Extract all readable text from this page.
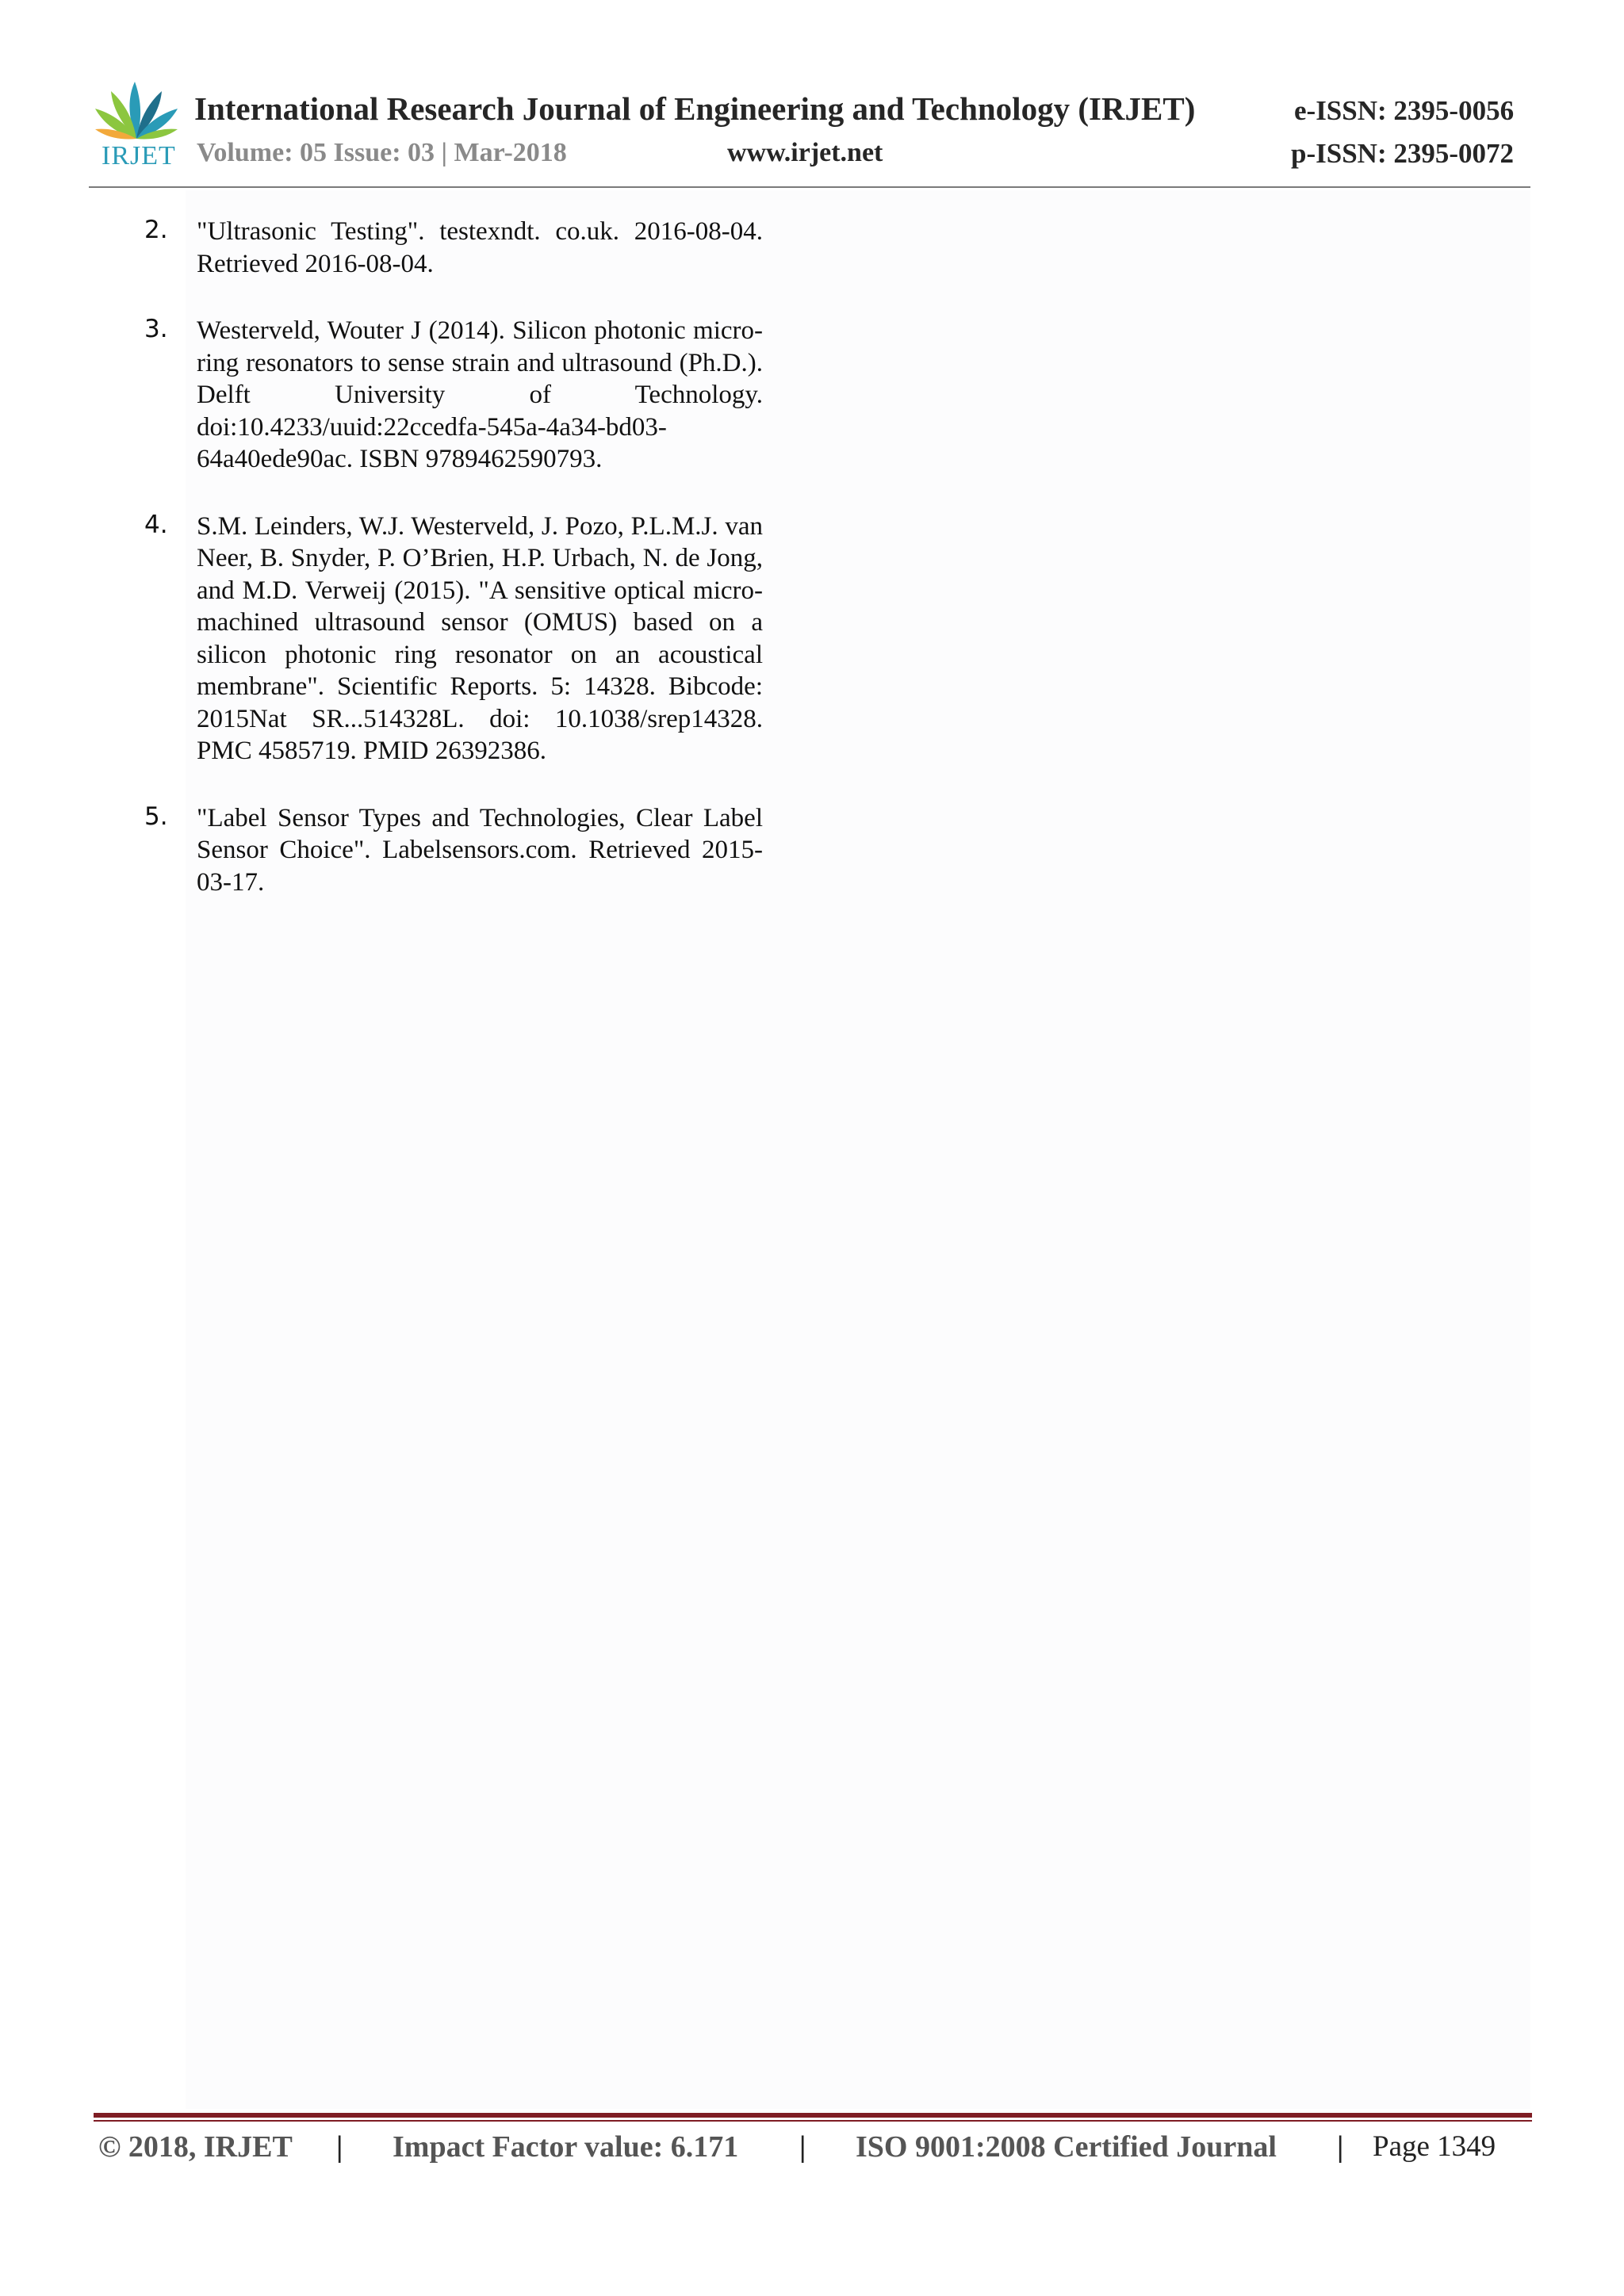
IRJET
International Research Journal of Engineering and Technology (IRJET)	e-ISSN: 2395-0056
Volume: 05 Issue: 03 | Mar-2018	www.irjet.net	p-ISSN: 2395-0072
2. "Ultrasonic Testing". testexndt. co.uk. 2016-08-04. Retrieved 2016-08-04.
3. Westerveld, Wouter J (2014). Silicon photonic micro-ring resonators to sense strain and ultrasound (Ph.D.). Delft University of Technology. doi:10.4233/uuid:22ccedfa-545a-4a34-bd03-64a40ede90ac. ISBN 9789462590793.
4. S.M. Leinders, W.J. Westerveld, J. Pozo, P.L.M.J. van Neer, B. Snyder, P. O’Brien, H.P. Urbach, N. de Jong, and M.D. Verweij (2015). "A sensitive optical micro-machined ultrasound sensor (OMUS) based on a silicon photonic ring resonator on an acoustical membrane". Scientific Reports. 5: 14328. Bibcode: 2015Nat SR...514328L. doi: 10.1038/srep14328. PMC 4585719. PMID 26392386.
5. "Label Sensor Types and Technologies, Clear Label Sensor Choice". Labelsensors.com. Retrieved 2015-03-17.
© 2018, IRJET | Impact Factor value: 6.171 | ISO 9001:2008 Certified Journal | Page 1349
